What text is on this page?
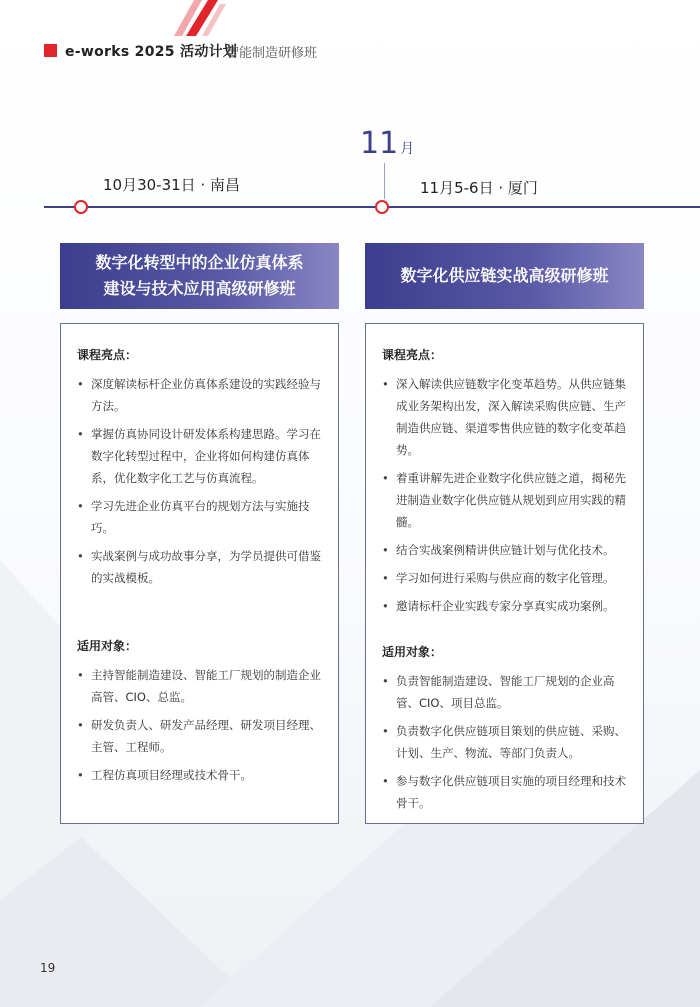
e-works 2025 活动计划
智能制造研修班
11 月
10月30-31日 · 南昌	11月5-6日 · 厦门
数字化转型中的企业仿真体系
建设与技术应用高级研修班
数字化供应链实战高级研修班
课程亮点：
• 深度解读标杆企业仿真体系建设的实践经验与方法。
• 掌握仿真协同设计研发体系构建思路。学习在数字化转型过程中，企业将如何构建仿真体系，优化数字化工艺与仿真流程。
• 学习先进企业仿真平台的规划方法与实施技巧。
• 实战案例与成功故事分享，为学员提供可借鉴的实战模板。
适用对象：
• 主持智能制造建设、智能工厂规划的制造企业高管、CIO、总监。
• 研发负责人、研发产品经理、研发项目经理、主管、工程师。
• 工程仿真项目经理或技术骨干。
课程亮点：
• 深入解读供应链数字化变革趋势。从供应链集成业务架构出发，深入解读采购供应链、生产制造供应链、渠道零售供应链的数字化变革趋势。
• 着重讲解先进企业数字化供应链之道，揭秘先进制造业数字化供应链从规划到应用实践的精髓。
• 结合实战案例精讲供应链计划与优化技术。
• 学习如何进行采购与供应商的数字化管理。
• 邀请标杆企业实践专家分享真实成功案例。
适用对象：
• 负责智能制造建设、智能工厂规划的企业高管、CIO、项目总监。
• 负责数字化供应链项目策划的供应链、采购、计划、生产、物流、等部门负责人。
• 参与数字化供应链项目实施的项目经理和技术骨干。
19
